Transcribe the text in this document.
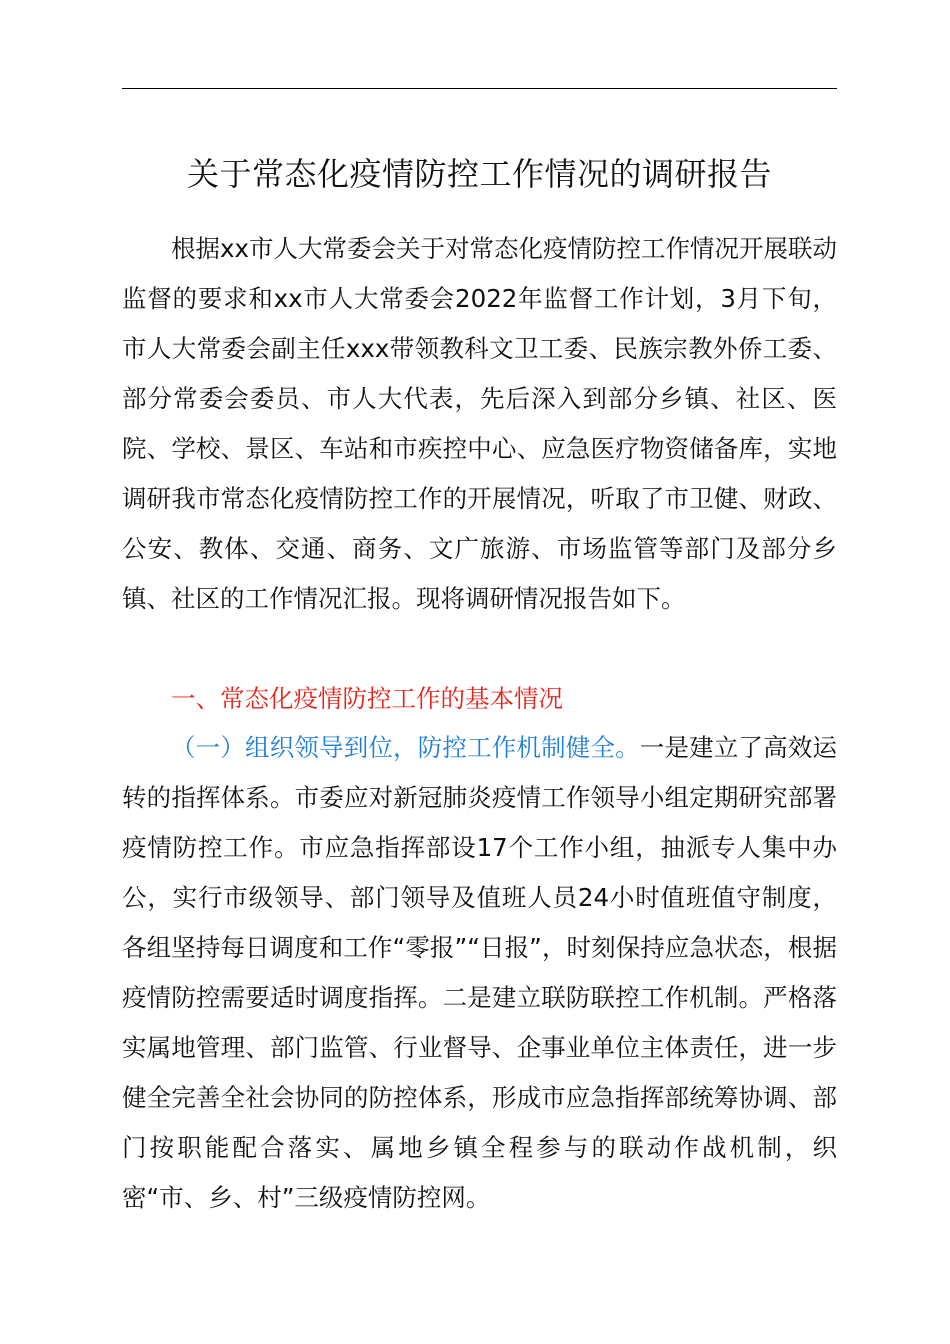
关于常态化疫情防控工作情况的调研报告

根据xx市人大常委会关于对常态化疫情防控工作情况开展联动监督的要求和xx市人大常委会2022年监督工作计划，3月下旬，市人大常委会副主任xxx带领教科文卫工委、民族宗教外侨工委、部分常委会委员、市人大代表，先后深入到部分乡镇、社区、医院、学校、景区、车站和市疾控中心、应急医疗物资储备库，实地调研我市常态化疫情防控工作的开展情况，听取了市卫健、财政、公安、教体、交通、商务、文广旅游、市场监管等部门及部分乡镇、社区的工作情况汇报。现将调研情况报告如下。

一、常态化疫情防控工作的基本情况

（一）组织领导到位，防控工作机制健全。一是建立了高效运转的指挥体系。市委应对新冠肺炎疫情工作领导小组定期研究部署疫情防控工作。市应急指挥部设17个工作小组，抽派专人集中办公，实行市级领导、部门领导及值班人员24小时值班值守制度，各组坚持每日调度和工作“零报”“日报”，时刻保持应急状态，根据疫情防控需要适时调度指挥。二是建立联防联控工作机制。严格落实属地管理、部门监管、行业督导、企事业单位主体责任，进一步健全完善全社会协同的防控体系，形成市应急指挥部统筹协调、部门按职能配合落实、属地乡镇全程参与的联动作战机制，织密“市、乡、村”三级疫情防控网。
